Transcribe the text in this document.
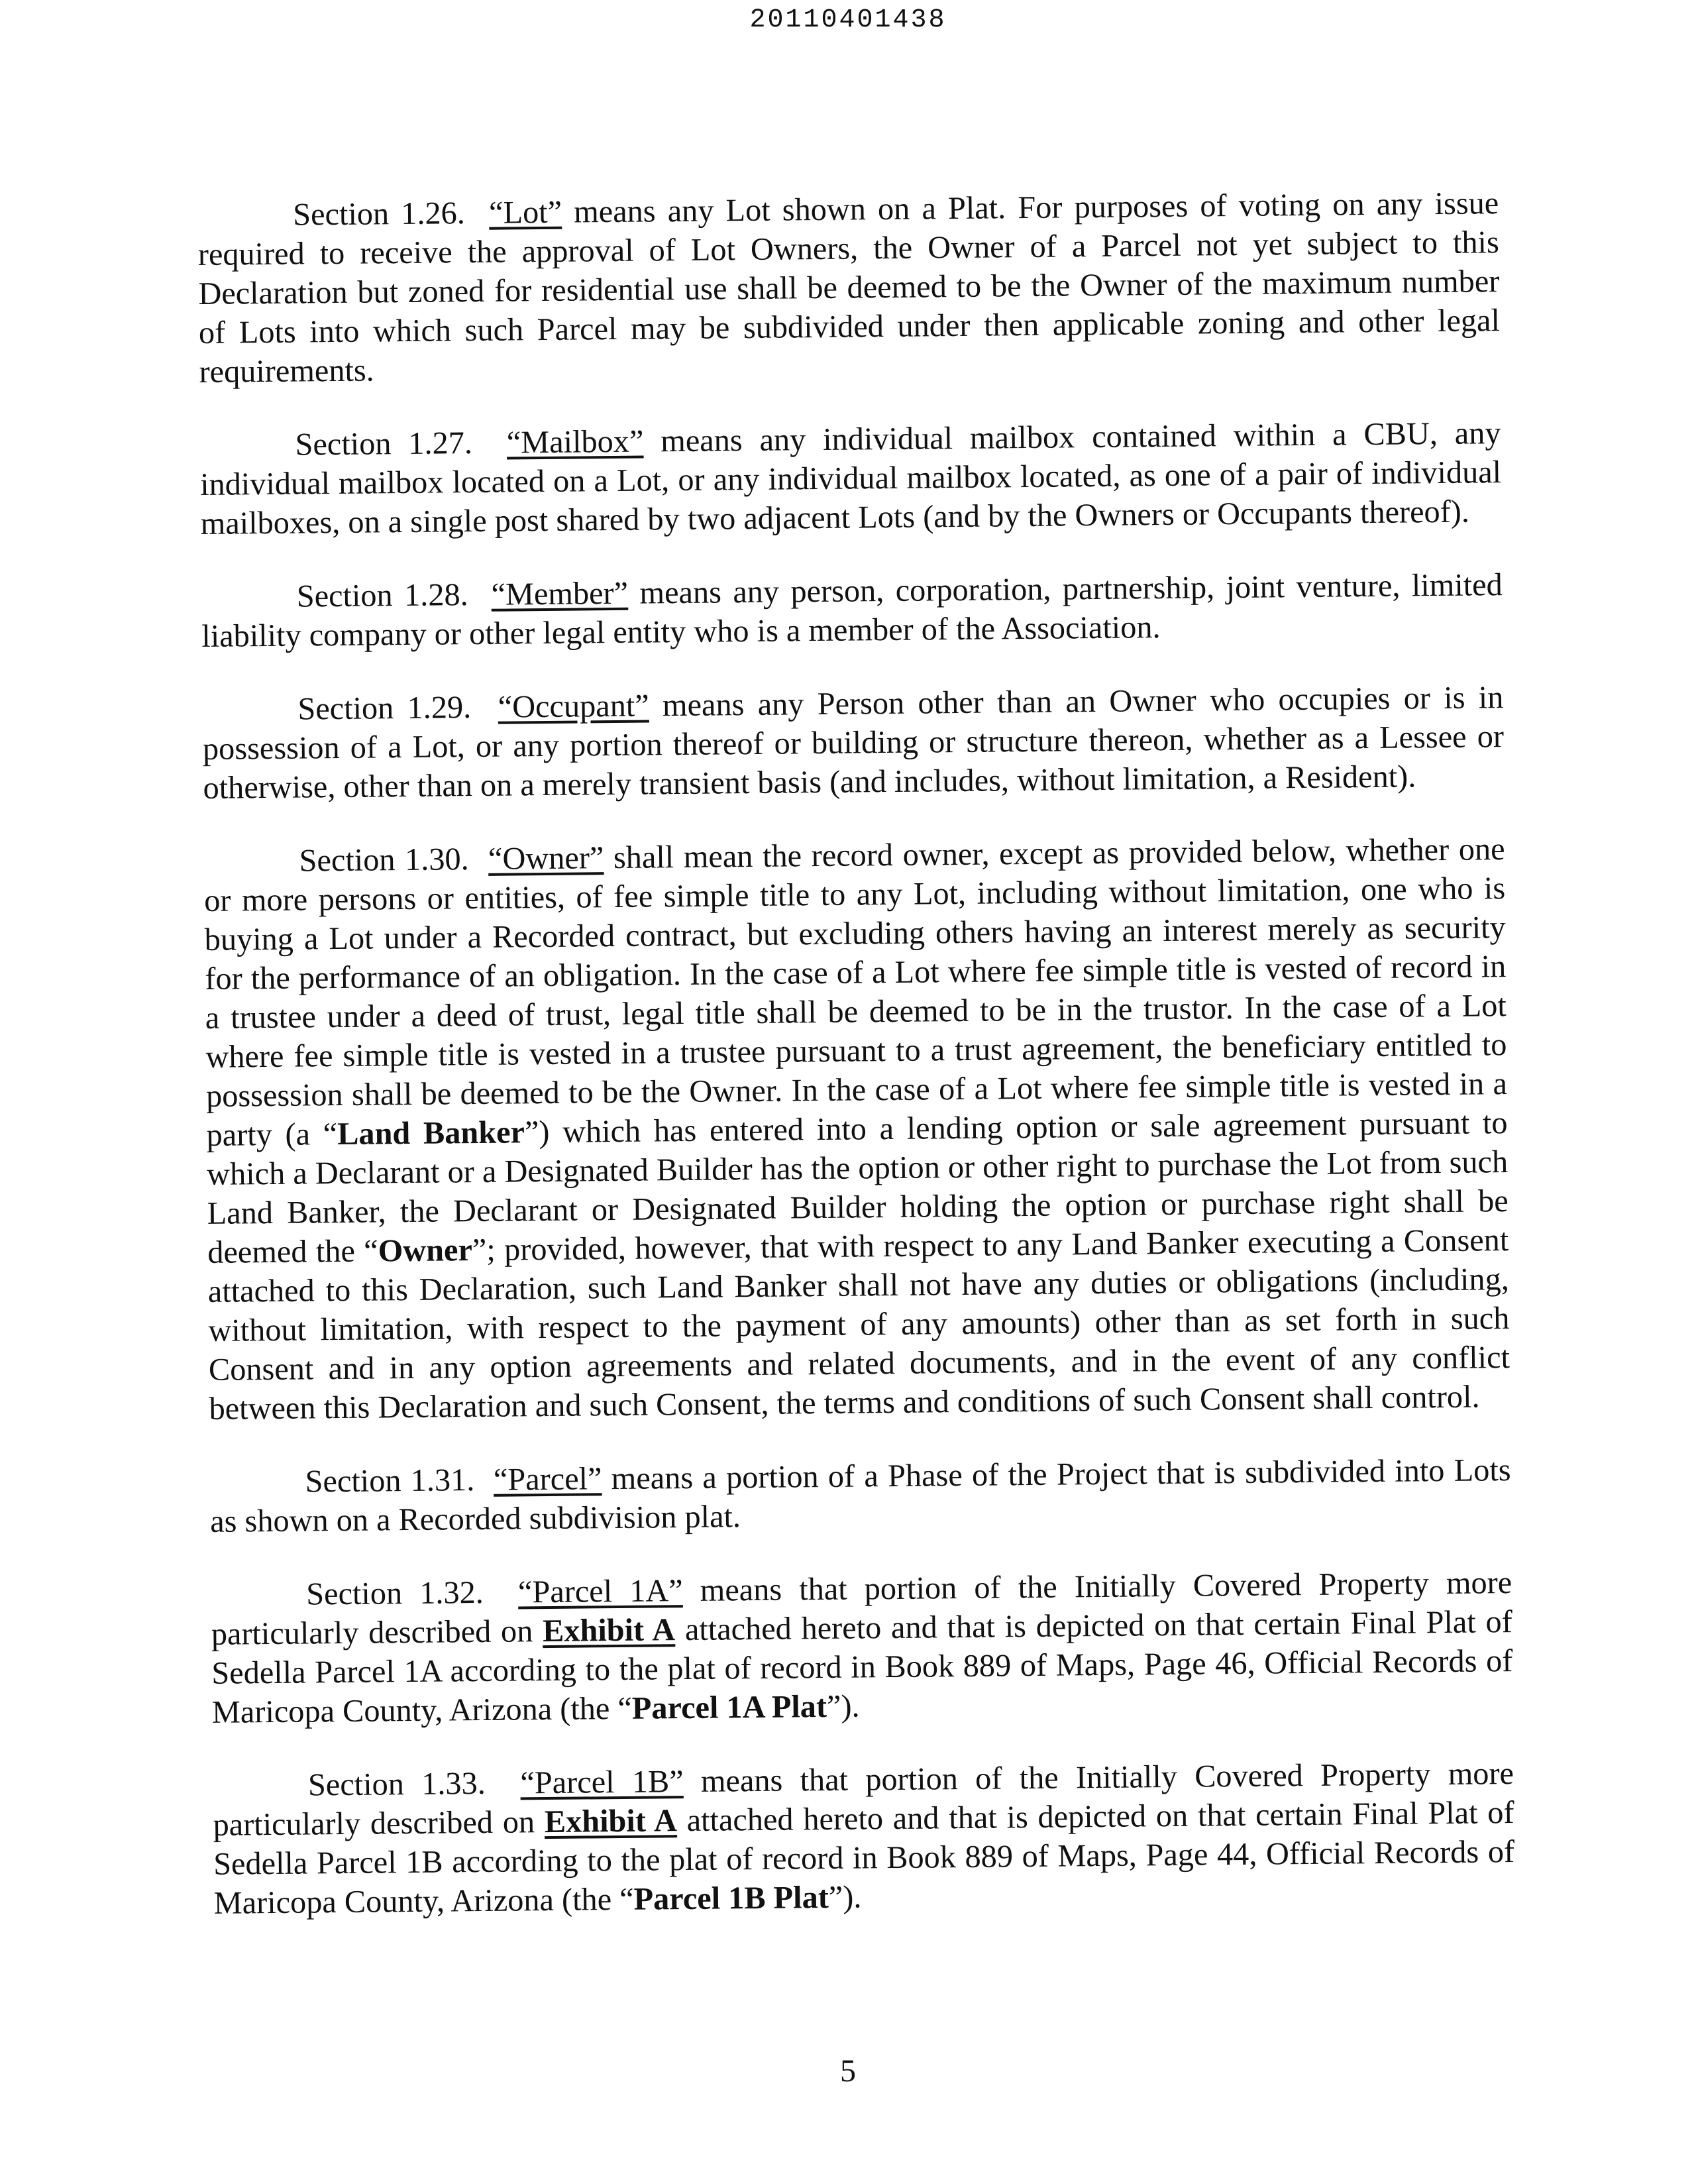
20110401438

Section 1.26. “Lot” means any Lot shown on a Plat. For purposes of voting on any issue required to receive the approval of Lot Owners, the Owner of a Parcel not yet subject to this Declaration but zoned for residential use shall be deemed to be the Owner of the maximum number of Lots into which such Parcel may be subdivided under then applicable zoning and other legal requirements.

Section 1.27. “Mailbox” means any individual mailbox contained within a CBU, any individual mailbox located on a Lot, or any individual mailbox located, as one of a pair of individual mailboxes, on a single post shared by two adjacent Lots (and by the Owners or Occupants thereof).

Section 1.28. “Member” means any person, corporation, partnership, joint venture, limited liability company or other legal entity who is a member of the Association.

Section 1.29. “Occupant” means any Person other than an Owner who occupies or is in possession of a Lot, or any portion thereof or building or structure thereon, whether as a Lessee or otherwise, other than on a merely transient basis (and includes, without limitation, a Resident).

Section 1.30. “Owner” shall mean the record owner, except as provided below, whether one or more persons or entities, of fee simple title to any Lot, including without limitation, one who is buying a Lot under a Recorded contract, but excluding others having an interest merely as security for the performance of an obligation. In the case of a Lot where fee simple title is vested of record in a trustee under a deed of trust, legal title shall be deemed to be in the trustor. In the case of a Lot where fee simple title is vested in a trustee pursuant to a trust agreement, the beneficiary entitled to possession shall be deemed to be the Owner. In the case of a Lot where fee simple title is vested in a party (a “Land Banker”) which has entered into a lending option or sale agreement pursuant to which a Declarant or a Designated Builder has the option or other right to purchase the Lot from such Land Banker, the Declarant or Designated Builder holding the option or purchase right shall be deemed the “Owner”; provided, however, that with respect to any Land Banker executing a Consent attached to this Declaration, such Land Banker shall not have any duties or obligations (including, without limitation, with respect to the payment of any amounts) other than as set forth in such Consent and in any option agreements and related documents, and in the event of any conflict between this Declaration and such Consent, the terms and conditions of such Consent shall control.

Section 1.31. “Parcel” means a portion of a Phase of the Project that is subdivided into Lots as shown on a Recorded subdivision plat.

Section 1.32. “Parcel 1A” means that portion of the Initially Covered Property more particularly described on Exhibit A attached hereto and that is depicted on that certain Final Plat of Sedella Parcel 1A according to the plat of record in Book 889 of Maps, Page 46, Official Records of Maricopa County, Arizona (the “Parcel 1A Plat”).

Section 1.33. “Parcel 1B” means that portion of the Initially Covered Property more particularly described on Exhibit A attached hereto and that is depicted on that certain Final Plat of Sedella Parcel 1B according to the plat of record in Book 889 of Maps, Page 44, Official Records of Maricopa County, Arizona (the “Parcel 1B Plat”).

5
